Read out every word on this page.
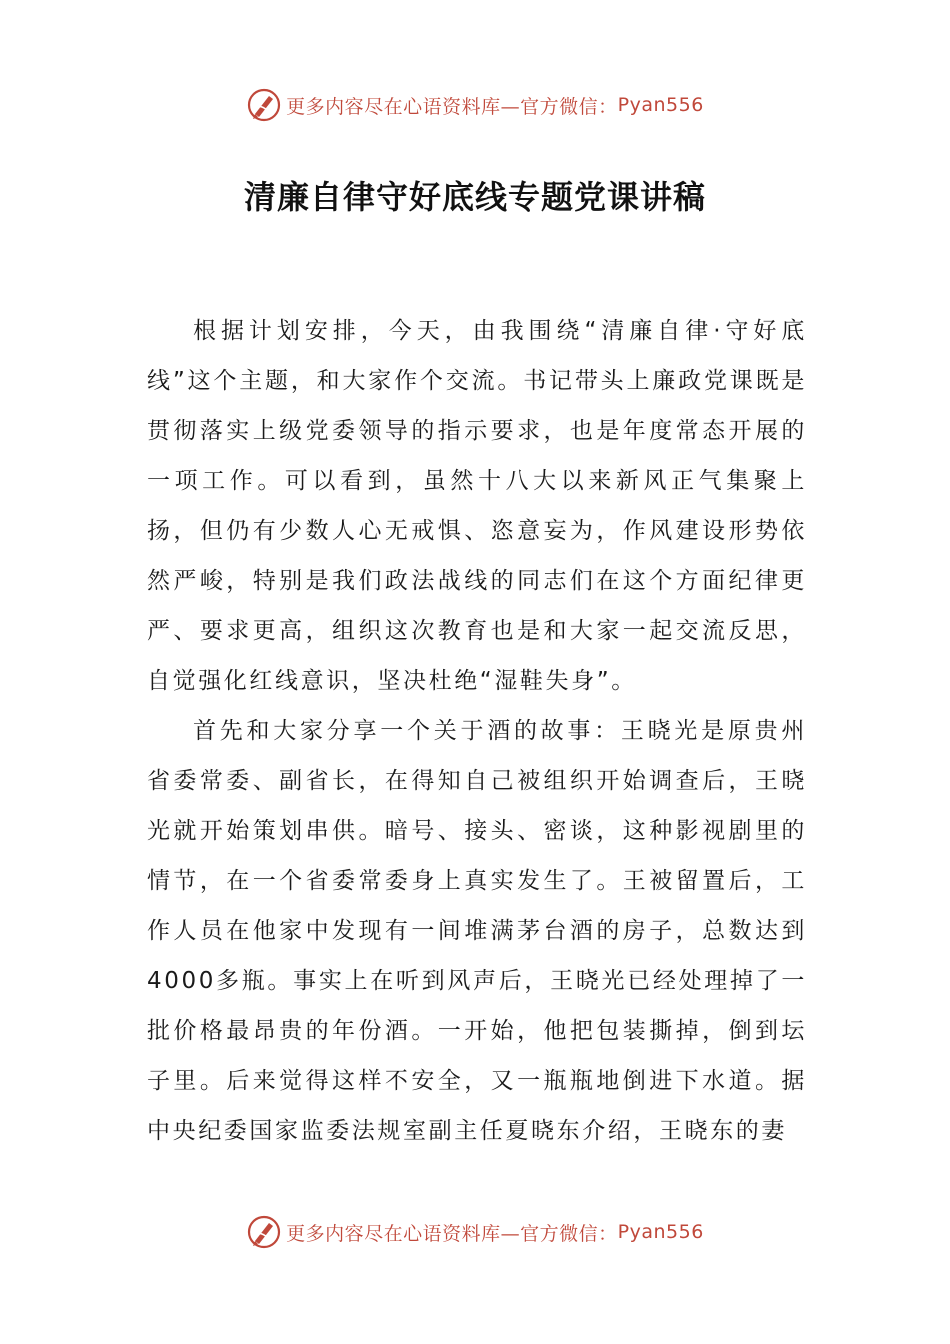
更多内容尽在心语资料库—官方微信： Pyan556
清廉自律守好底线专题党课讲稿

根据计划安排，今天，由我围绕“清廉自律·守好底线”这个主题，和大家作个交流。书记带头上廉政党课既是贯彻落实上级党委领导的指示要求，也是年度常态开展的一项工作。可以看到，虽然十八大以来新风正气集聚上扬，但仍有少数人心无戒惧、恣意妄为，作风建设形势依然严峻，特别是我们政法战线的同志们在这个方面纪律更严、要求更高，组织这次教育也是和大家一起交流反思，自觉强化红线意识，坚决杜绝“湿鞋失身”。

首先和大家分享一个关于酒的故事：王晓光是原贵州省委常委、副省长，在得知自己被组织开始调查后，王晓光就开始策划串供。暗号、接头、密谈，这种影视剧里的情节，在一个省委常委身上真实发生了。王被留置后，工作人员在他家中发现有一间堆满茅台酒的房子，总数达到4000多瓶。事实上在听到风声后，王晓光已经处理掉了一批价格最昂贵的年份酒。一开始，他把包装撕掉，倒到坛子里。后来觉得这样不安全，又一瓶瓶地倒进下水道。据中央纪委国家监委法规室副主任夏晓东介绍，王晓东的妻

更多内容尽在心语资料库—官方微信： Pyan556
